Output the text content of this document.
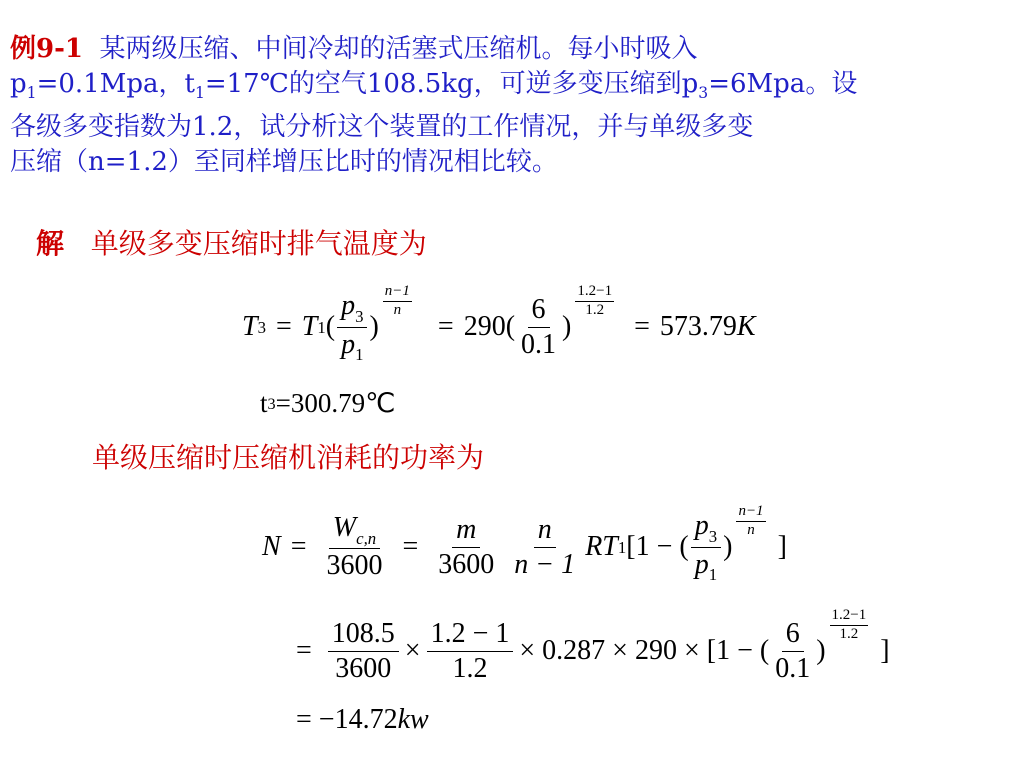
例9-1 某两级压缩、中间冷却的活塞式压缩机。每小时吸入
$p_1=0.1Mpa$，$t_1=17℃$的空气108.5kg，可逆多变压缩到$p_3=6Mpa$。设
各级多变指数为1.2，试分析这个装置的工作情况，并与单级多变
压缩（n=1.2）至同样增压比时的情况相比较。
解 单级多变压缩时排气温度为
$T_3 = T_1$ ( $\frac{p_3}{p_1}$ )
$\frac{n-1}{n}$
= 290 ( $\frac{6}{0.1}$ )
$\frac{1.2-1}{1.2}$
= 573.79 K
$t_3$ =300.79℃
单级压缩时压缩机消耗的功率为
$N = \frac{W_{c,n}}{3600} = \frac{m}{3600} \frac{n}{n - 1} RT_1$ [1 − ( $\frac{p_3}{p_1}$ )
$\frac{n-1}{n}$
]
= $\frac{108.5}{3600} \times \frac{1.2 - 1}{1.2} \times 0.287 \times 290 \times [1$ − ( $\frac{6}{0.1}$ )
$\frac{1.2-1}{1.2}$
]
= −14.72 kw
